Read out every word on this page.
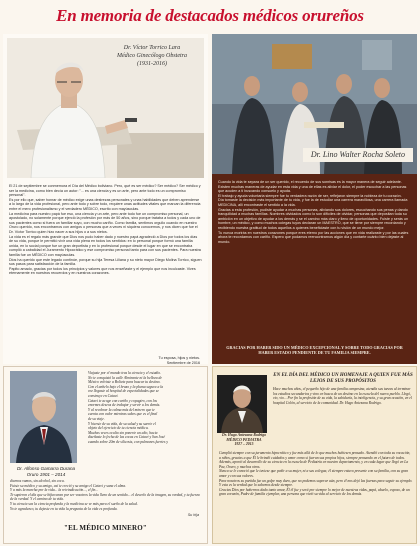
En memoria de destacados médicos orureños
Dr. Víctor Torrico Lara
Médico Ginecólogo Obstetra
(1931-2016)

El 21 de septiembre se conmemora el Día del Médico boliviano. Pero, qué es ser médico? Ser médico? Ser médico y ser la medicina, como bien decía un autor: "... es una ciencia y es un arte, pero ante todo es un compromiso personal".

Es por ello que, saber honrar de médico exige unas destrezas personales y unas habilidades que deben aprenderse a lo largo de la vida profesional, pero ante todo y sobre todo, requiere unas actitudes vitales que marcan la diferencia entre el mero profesionalismo y el verdadero MÉDICO, escrito con mayúsculas.

La medicina para nuestro papá fue eso, una ciencia y un arte, pero ante todo fue un compromiso personal, un apostolado, no solamente porque ejerció la profesión por más de 50 años, sino porque trataba a todos y cada uno de sus pacientes como si fuera un familiar suyo, con mucho cariño. Como familia, sentimos orgullo cuando en nuestro Oruro querido, nos encontramos con amigos o personas que a veces ni siquiera conocemos, y nos dicen que fue el Dr. Víctor Torrico quien hizo nacer a sus hijos o a sus nietos.

La vida es el regalo más grande que Dios nos pudo haber dado y nuestro papá agradeció a Dios por todos los días de su vida, porque le permitió vivir una vida plena en todos los sentidos: en lo personal porque formó una familia unida, en lo social porque fue un gran deportista y en lo profesional porque desde el lugar en que se encontraba cumplió a cabalidad el Juramento Hipocrático y ese compromiso personal tanto para con sus pacientes. Para nuestra familia fue un MÉDICO con mayúsculas.

Dios ha querido que este legado continúe, porque su hija Teresa Liliana y su nieto mayor Diego Molina Torrico, siguen sus pasos para satisfacción de la familia.

Papito amado, gracias por todos los principios y valores que nos enseñaste y el ejemplo que nos inculcaste. Vives eternamente en nuestros recuerdos y en nuestros corazones.

Tu esposa, hijos y nietos.
Septiembre de 2016
Dr. Lino Walter Rocha Soleto

Cuando la vida te separa de un ser querido, el recuerdo de sus sonrisas es la mayor manera de seguir adelante.

Existen muchas maneras de ayudar en esta vida y una de ellas es aliviar el dolor, el poder escuchar a las personas que acuden a ti buscando consuelo y ayuda.

El trabajo y ayuda voluntaria siempre fue tu verdadera razón de ser, reflejaron siempre la nobleza de tu corazón.

Día tomaste la decisión más importante de tu vida, y fue la de estudiar una carrera maravillosa, una carrera llamada MEDICINA, allí encontraste el sentido a la vida.

Gracias a esta profesión, pudiste ayudar a muchas personas, aliviando sus dolores, escuchando sus penas y dando tranquilidad a muchas familias. Nombres olvidados como lo son difíciles de olvidar, personas que depositan toda su ambición en un objetivo de ayudar a los demás y se el camino más claro y lleno de oportunidades. Fuiste y serás un hombre, un médico, y como muchos colegas tuyos declaran un MAESTRO, que se tiene por siempre recordando y recibiendo nuestra gratitud de todos aquellos a quienes beneficiaste con tu visión de un mundo mejor.

Tu nunca morirás en nuestros corazones porque eres eterno por las acciones que en vida realizaste y por las cuales ahora te recordamos con cariño. Espero que podamos reencontrarnos algún día y contarte cuánto bien dejaste al mundo.

GRACIAS POR HABER SIDO UN MÉDICO EXCEPCIONAL Y SOBRE TODO GRACIAS POR HABER ESTADO PENDIENTE DE TU FAMILIA SIEMPRE.
Dr. Alfonso Gamarra Durana
Oruro 1901 – 2014

Viajaste por el mundo tras la ciencia y el estudio.

No te conquistó la calle Almirante ni la belleza de

México volviste a Bolivia para buscar tu destino.

Con el anhelo bajo el brazo y la pluma segura a la

vez llegaste al hospital de especialidades que se

construye en Catavi.

Catavi te acoge con cariño y copagiro, con los

enormes deseos de trabajar y servir a los demás.

Y al recobrar la calma más del minero que te

cuenta con valor mientras sabes que es el final

de su viaje.

Y hiceste de su vida, de su salud y su suerte el

objeto del ejercicio de tu ciencia médica.

Muchas veces oculto sin ponerte un alto, hacia

diseñaste lo fecha de las cocas en Catavi y San José

cuando sobre 20m de silicosis, con pulmones fuertes y

diurnos vamos, sin alcohol, sin coca.

Fuiste su médico y su amigo, así te creció y su amigo el Catavi y sana el alma.

Y a más la marcha por la vida... la reivindicación..., el fin...

Te supieron el día que se bifurcaran por ser vosotros la vida lleno de un sentido... el desvelo de la imagen, su verdad, y tu fuerza de la verdad. Y el camino de tu vida.

Y tu ciencia sea la ciencia profunda y la medicina se ve más para el sueño de la salud.

Yo te agradezco, tu dejaste en tu vida la pregunta de la vida es profunda.

Su hija
"EL MÉDICO MINERO"
EN EL DÍA DEL MÉDICO UN HOMENAJE A QUIEN FUE MÁS LEJOS DE SUS PROPÓSITOS
Dr. Hugo Antezana Rodrigo
MÉDICO PEDIATRA
1927 – 2015

Hace muchos años, el pequeño hijo de una familia campesina, atendía sus tareas al terminar los estudios secundarios y vino en busca de un destino en la escuela del nuevo pueblo. Llegó, vio, vio... Por fin la profesión de su vida, la sabiduría, la inteligencia, y su gran ocasión, en el hospital Colón, al servicio de la comunidad. Dr. Hugo Antezana Rodrigo.

Cumplió siempre con su juramento hipocrático y fue más allá de lo que muchos hubiesen pensado. Atendió con toda su vocación, a niños, gracias a que Él le brindó cuidados y amor como si fueran sus propios hijos, siempre pensando en el futuro de todos.

Además, aportó al desarrollo de su ciencia en la escuela de Pediatría en nuestro departamento, y en cada lugar que llegó en La Paz, Oruro, y muchos otros.

Nunca se le conoció que le tuviese que pedir a su mujer, ni a sus colegas; él siempre estuvo presente con su familia, con su gran amor y con sus valores.

Para nosotros su partida fue un golpe muy duro, que no podemos superar aún, pero él nos dejó las fuerzas para seguir su ejemplo. Y esta es la verdad que lo sabemos desde siempre.

Gracias Dios por habernos dado tanto amor, Él él fue y será por siempre lo mejor de nuestras vidas, papá, abuelo, esposo, de un gran corazón, Padre de familia ejemplar, una persona que vivió su vida al servicio de los demás.
